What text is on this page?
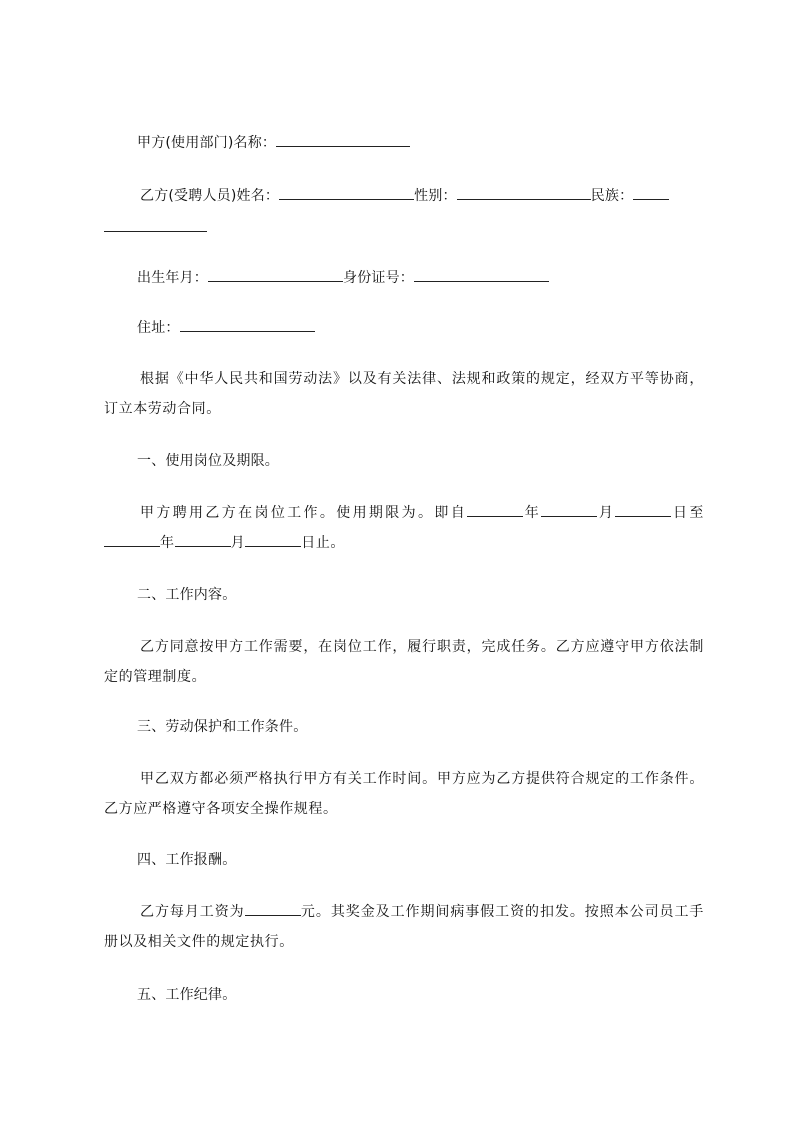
甲方(使用部门)名称：
乙方(受聘人员)姓名：	性别：	民族：
出生年月：	身份证号：
住址：
根据《中华人民共和国劳动法》以及有关法律、法规和政策的规定，经双方平等协商，订立本劳动合同。
一、使用岗位及期限。
甲方聘用乙方在岗位工作。使用期限为。即自	年	月	日至年	月	日止。
二、工作内容。
乙方同意按甲方工作需要，在岗位工作，履行职责，完成任务。乙方应遵守甲方依法制定的管理制度。
三、劳动保护和工作条件。
甲乙双方都必须严格执行甲方有关工作时间。甲方应为乙方提供符合规定的工作条件。乙方应严格遵守各项安全操作规程。
四、工作报酬。
乙方每月工资为	元。其奖金及工作期间病事假工资的扣发。按照本公司员工手册以及相关文件的规定执行。
五、工作纪律。
